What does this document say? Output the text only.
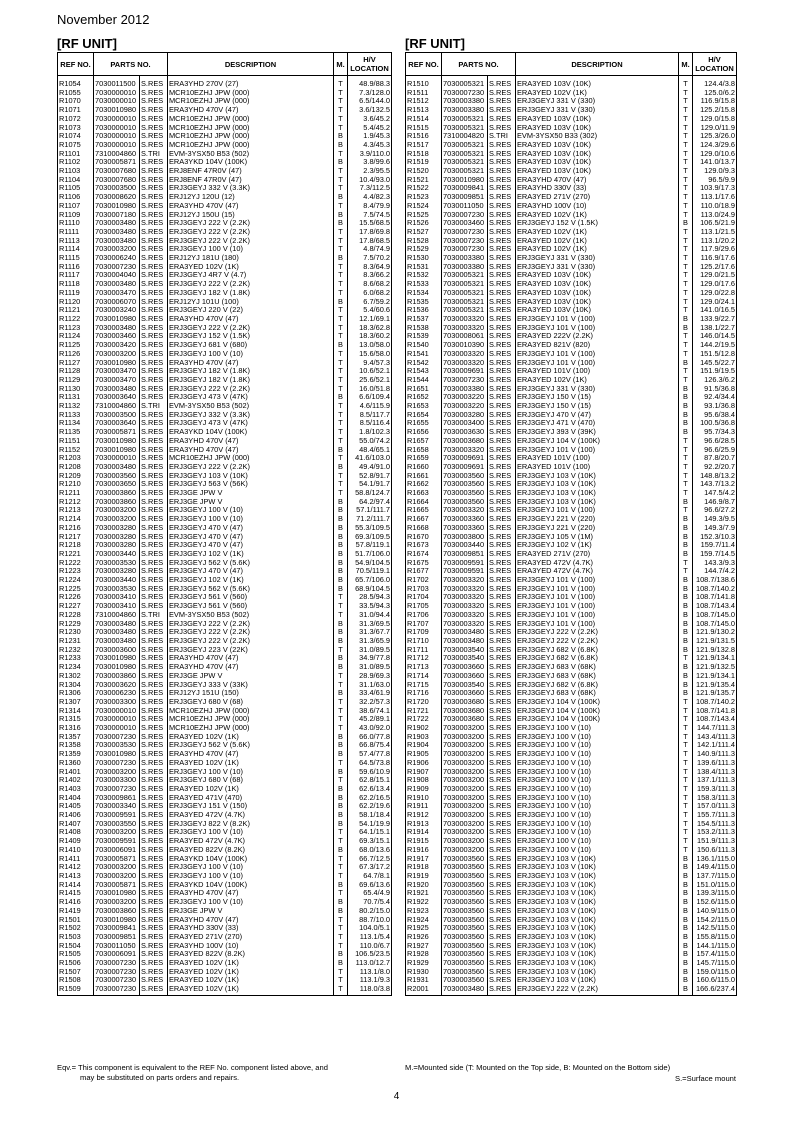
November 2012
[RF UNIT]	[RF UNIT]
REF NO.	PARTS NO.		DESCRIPTION	M.	H/V LOCATION
R1054	7030011500	S.RES	ERA3YHD 270V (27)	T	48.9/88.3
R1055	7030000010	S.RES	MCR10EZHJ JPW (000)	T	7.3/128.0
R1070	7030000010	S.RES	MCR10EZHJ JPW (000)	T	6.5/144.0
R1071	7030010980	S.RES	ERA3YHD 470V (47)	T	3.6/132.5
R1072	7030000010	S.RES	MCR10EZHJ JPW (000)	T	3.6/45.2
R1073	7030000010	S.RES	MCR10EZHJ JPW (000)	T	5.4/45.2
R1074	7030000010	S.RES	MCR10EZHJ JPW (000)	B	1.9/45.3
R1075	7030000010	S.RES	MCR10EZHJ JPW (000)	B	4.3/45.3
R1101	7310004860	S.TRI	EVM-3YSX50 B53 (502)	T	3.9/110.0
R1102	7030005871	S.RES	ERA3YKD 104V (100K)	B	3.8/99.6
R1103	7030007680	S.RES	ERJ8ENF 47R0V (47)	T	2.3/95.5
R1104	7030007680	S.RES	ERJ8ENF 47R0V (47)	T	10.4/93.0
R1105	7030003500	S.RES	ERJ3GEYJ 332 V (3.3K)	T	7.3/112.5
R1106	7030008620	S.RES	ERJ12YJ 120U (12)	B	4.4/82.3
R1107	7030010980	S.RES	ERA3YHD 470V (47)	T	8.4/79.9
R1109	7030007180	S.RES	ERJ12YJ 150U (15)	B	7.5/74.5
R1110	7030003480	S.RES	ERJ3GEYJ 222 V (2.2K)	B	15.5/68.5
R1111	7030003480	S.RES	ERJ3GEYJ 222 V (2.2K)	T	17.8/69.8
R1113	7030003480	S.RES	ERJ3GEYJ 222 V (2.2K)	T	17.8/68.5
R1114	7030003200	S.RES	ERJ3GEYJ 100 V (10)	T	4.8/74.9
R1115	7030006240	S.RES	ERJ12YJ 181U (180)	B	7.5/70.2
R1116	7030007230	S.RES	ERA3YED 102V (1K)	T	8.3/64.9
R1117	7030004040	S.RES	ERJ3GEYJ 4R7 V (4.7)	T	8.3/66.2
R1118	7030003480	S.RES	ERJ3GEYJ 222 V (2.2K)	T	8.6/68.2
R1119	7030003470	S.RES	ERJ3GEYJ 182 V (1.8K)	T	6.0/68.2
R1120	7030006070	S.RES	ERJ12YJ 101U (100)	B	6.7/59.2
R1121	7030003240	S.RES	ERJ3GEYJ 220 V (22)	T	5.4/60.6
R1122	7030010980	S.RES	ERA3YHD 470V (47)	T	12.1/69.1
R1123	7030003480	S.RES	ERJ3GEYJ 222 V (2.2K)	T	18.3/62.8
R1124	7030003460	S.RES	ERJ3GEYJ 152 V (1.5K)	T	18.3/60.2
R1125	7030003420	S.RES	ERJ3GEYJ 681 V (680)	B	13.0/58.0
R1126	7030003200	S.RES	ERJ3GEYJ 100 V (10)	T	15.6/58.0
R1127	7030010980	S.RES	ERA3YHD 470V (47)	T	9.4/57.3
R1128	7030003470	S.RES	ERJ3GEYJ 182 V (1.8K)	T	10.6/52.1
R1129	7030003470	S.RES	ERJ3GEYJ 182 V (1.8K)	T	25.6/52.1
R1130	7030003480	S.RES	ERJ3GEYJ 222 V (2.2K)	T	16.0/51.8
R1131	7030003640	S.RES	ERJ3GEYJ 473 V (47K)	B	6.6/109.4
R1132	7310004860	S.TRI	EVM-3YSX50 B53 (502)	T	4.6/115.9
R1133	7030003500	S.RES	ERJ3GEYJ 332 V (3.3K)	T	8.5/117.7
R1134	7030003640	S.RES	ERJ3GEYJ 473 V (47K)	T	8.5/116.4
R1135	7030005871	S.RES	ERA3YKD 104V (100K)	T	1.8/102.3
R1151	7030010980	S.RES	ERA3YHD 470V (47)	T	55.0/74.2
R1152	7030010980	S.RES	ERA3YHD 470V (47)	B	48.4/65.1
R1203	7030000010	S.RES	MCR10EZHJ JPW (000)	T	41.6/103.0
R1208	7030003480	S.RES	ERJ3GEYJ 222 V (2.2K)	B	49.4/91.0
R1209	7030003560	S.RES	ERJ3GEYJ 103 V (10K)	T	52.8/91.7
R1210	7030003650	S.RES	ERJ3GEYJ 563 V (56K)	T	54.1/91.7
R1211	7030003860	S.RES	ERJ3GE JPW V	T	58.8/124.7
R1212	7030003860	S.RES	ERJ3GE JPW V	B	64.2/97.4
R1213	7030003200	S.RES	ERJ3GEYJ 100 V (10)	B	57.1/111.7
R1214	7030003200	S.RES	ERJ3GEYJ 100 V (10)	B	71.2/111.7
R1216	7030003280	S.RES	ERJ3GEYJ 470 V (47)	B	55.3/109.5
R1217	7030003280	S.RES	ERJ3GEYJ 470 V (47)	B	69.3/109.5
R1218	7030003280	S.RES	ERJ3GEYJ 470 V (47)	B	57.8/119.1
R1221	7030003440	S.RES	ERJ3GEYJ 102 V (1K)	B	51.7/106.0
R1222	7030003530	S.RES	ERJ3GEYJ 562 V (5.6K)	B	54.9/104.5
R1223	7030003280	S.RES	ERJ3GEYJ 470 V (47)	B	70.5/119.1
R1224	7030003440	S.RES	ERJ3GEYJ 102 V (1K)	B	65.7/106.0
R1225	7030003530	S.RES	ERJ3GEYJ 562 V (5.6K)	B	68.9/104.5
R1226	7030003410	S.RES	ERJ3GEYJ 561 V (560)	T	28.5/94.3
R1227	7030003410	S.RES	ERJ3GEYJ 561 V (560)	T	33.5/94.3
R1228	7310004860	S.TRI	EVM-3YSX50 B53 (502)	T	31.0/94.4
R1229	7030003480	S.RES	ERJ3GEYJ 222 V (2.2K)	B	31.3/69.5
R1230	7030003480	S.RES	ERJ3GEYJ 222 V (2.2K)	B	31.3/67.7
R1231	7030003480	S.RES	ERJ3GEYJ 222 V (2.2K)	B	31.3/65.9
R1232	7030003600	S.RES	ERJ3GEYJ 223 V (22K)	T	31.0/89.5
R1233	7030010980	S.RES	ERA3YHD 470V (47)	B	34.9/77.8
R1234	7030010980	S.RES	ERA3YHD 470V (47)	B	31.0/89.5
R1302	7030003860	S.RES	ERJ3GE JPW V	T	28.9/69.3
R1304	7030003620	S.RES	ERJ3GEYJ 333 V (33K)	T	31.1/63.0
R1306	7030006230	S.RES	ERJ12YJ 151U (150)	B	33.4/61.9
R1307	7030003300	S.RES	ERJ3GEYJ 680 V (68)	T	32.2/57.3
R1314	7030000010	S.RES	MCR10EZHJ JPW (000)	T	38.6/74.1
R1315	7030000010	S.RES	MCR10EZHJ JPW (000)	T	45.2/89.1
R1316	7030000010	S.RES	MCR10EZHJ JPW (000)	T	43.0/92.0
R1357	7030007230	S.RES	ERA3YED 102V (1K)	B	66.0/77.8
R1358	7030003530	S.RES	ERJ3GEYJ 562 V (5.6K)	B	66.8/75.4
R1359	7030010980	S.RES	ERA3YHD 470V (47)	B	57.4/77.8
R1360	7030007230	S.RES	ERA3YED 102V (1K)	T	64.5/73.8
R1401	7030003200	S.RES	ERJ3GEYJ 100 V (10)	B	59.6/10.9
R1402	7030003300	S.RES	ERJ3GEYJ 680 V (68)	T	62.8/15.1
R1403	7030007230	S.RES	ERA3YED 102V (1K)	B	62.6/13.4
R1404	7030009861	S.RES	ERA3YED 471V (470)	B	62.2/16.5
R1405	7030003340	S.RES	ERJ3GEYJ 151 V (150)	B	62.2/19.6
R1406	7030009591	S.RES	ERA3YED 472V (4.7K)	B	58.1/18.4
R1407	7030003550	S.RES	ERJ3GEYJ 822 V (8.2K)	B	54.1/19.9
R1408	7030003200	S.RES	ERJ3GEYJ 100 V (10)	T	64.1/15.1
R1409	7030009591	S.RES	ERA3YED 472V (4.7K)	T	69.3/15.1
R1410	7030006091	S.RES	ERA3YED 822V (8.2K)	B	68.0/13.6
R1411	7030005871	S.RES	ERA3YKD 104V (100K)	T	66.7/12.5
R1412	7030003200	S.RES	ERJ3GEYJ 100 V (10)	T	67.3/17.2
R1413	7030003200	S.RES	ERJ3GEYJ 100 V (10)	T	64.7/8.1
R1414	7030005871	S.RES	ERA3YKD 104V (100K)	B	69.6/13.6
R1415	7030010980	S.RES	ERA3YHD 470V (47)	T	65.4/4.9
R1416	7030003200	S.RES	ERJ3GEYJ 100 V (10)	B	70.7/5.4
R1419	7030003860	S.RES	ERJ3GE JPW V	B	80.2/15.0
R1501	7030010980	S.RES	ERA3YHD 470V (47)	T	88.7/10.0
R1502	7030009841	S.RES	ERA3YHD 330V (33)	T	104.0/5.1
R1503	7030009851	S.RES	ERA3YED 271V (270)	T	113.1/5.4
R1504	7030011050	S.RES	ERA3YHD 100V (10)	T	110.0/6.7
R1505	7030006091	S.RES	ERA3YED 822V (8.2K)	B	106.5/23.5
R1506	7030007230	S.RES	ERA3YED 102V (1K)	B	113.0/12.7
R1507	7030007230	S.RES	ERA3YED 102V (1K)	T	113.1/8.0
R1508	7030007230	S.RES	ERA3YED 102V (1K)	T	113.1/9.3
R1509	7030007230	S.RES	ERA3YED 102V (1K)	T	118.0/3.8
REF NO.	PARTS NO.		DESCRIPTION	M.	H/V LOCATION
R1510	7030005321	S.RES	ERA3YED 103V (10K)	T	124.4/3.8
R1511	7030007230	S.RES	ERA3YED 102V (1K)	T	125.0/6.2
R1512	7030003380	S.RES	ERJ3GEYJ 331 V (330)	T	116.9/15.8
R1513	7030003380	S.RES	ERJ3GEYJ 331 V (330)	T	125.2/15.8
R1514	7030005321	S.RES	ERA3YED 103V (10K)	T	129.0/15.8
R1515	7030005321	S.RES	ERA3YED 103V (10K)	T	129.0/11.9
R1516	7310004820	S.TRI	EVM-3YSX50 B33 (302)	T	125.3/26.0
R1517	7030005321	S.RES	ERA3YED 103V (10K)	T	124.3/29.6
R1518	7030005321	S.RES	ERA3YED 103V (10K)	T	129.0/10.6
R1519	7030005321	S.RES	ERA3YED 103V (10K)	T	141.0/13.7
R1520	7030005321	S.RES	ERA3YED 103V (10K)	T	129.0/9.3
R1521	7030010980	S.RES	ERA3YHD 470V (47)	T	96.5/9.9
R1522	7030009841	S.RES	ERA3YHD 330V (33)	T	103.9/17.3
R1523	7030009851	S.RES	ERA3YED 271V (270)	T	113.1/17.6
R1524	7030011050	S.RES	ERA3YHD 100V (10)	T	110.0/18.9
R1525	7030007230	S.RES	ERA3YED 102V (1K)	T	113.0/24.9
R1526	7030003460	S.RES	ERJ3GEYJ 152 V (1.5K)	B	106.5/21.9
R1527	7030007230	S.RES	ERA3YED 102V (1K)	T	113.1/21.5
R1528	7030007230	S.RES	ERA3YED 102V (1K)	T	113.1/20.2
R1529	7030007230	S.RES	ERA3YED 102V (1K)	T	117.9/29.6
R1530	7030003380	S.RES	ERJ3GEYJ 331 V (330)	T	116.9/17.6
R1531	7030003380	S.RES	ERJ3GEYJ 331 V (330)	T	125.2/17.6
R1532	7030005321	S.RES	ERA3YED 103V (10K)	T	129.0/21.5
R1533	7030005321	S.RES	ERA3YED 103V (10K)	T	129.0/17.6
R1534	7030005321	S.RES	ERA3YED 103V (10K)	T	129.0/22.8
R1535	7030005321	S.RES	ERA3YED 103V (10K)	T	129.0/24.1
R1536	7030005321	S.RES	ERA3YED 103V (10K)	T	141.0/16.5
R1537	7030003320	S.RES	ERJ3GEYJ 101 V (100)	B	133.9/22.7
R1538	7030003320	S.RES	ERJ3GEYJ 101 V (100)	B	138.1/22.7
R1539	7030008061	S.RES	ERA3YED 222V (2.2K)	T	146.0/14.5
R1540	7030010390	S.RES	ERA3YED 821V (820)	T	144.2/19.5
R1541	7030003320	S.RES	ERJ3GEYJ 101 V (100)	T	151.5/12.8
R1542	7030003320	S.RES	ERJ3GEYJ 101 V (100)	B	145.5/22.7
R1543	7030009691	S.RES	ERA3YED 101V (100)	T	151.9/19.5
R1544	7030007230	S.RES	ERA3YED 102V (1K)	T	126.3/6.2
R1651	7030003380	S.RES	ERJ3GEYJ 331 V (330)	B	91.5/36.8
R1652	7030003220	S.RES	ERJ3GEYJ 150 V (15)	B	92.4/34.4
R1653	7030003220	S.RES	ERJ3GEYJ 150 V (15)	B	93.1/36.8
R1654	7030003280	S.RES	ERJ3GEYJ 470 V (47)	B	95.6/38.4
R1655	7030003400	S.RES	ERJ3GEYJ 471 V (470)	B	100.5/36.8
R1656	7030003630	S.RES	ERJ3GEYJ 393 V (39K)	B	95.7/34.3
R1657	7030003680	S.RES	ERJ3GEYJ 104 V (100K)	T	96.6/28.5
R1658	7030003320	S.RES	ERJ3GEYJ 101 V (100)	T	96.6/25.9
R1659	7030009691	S.RES	ERA3YED 101V (100)	T	87.8/20.7
R1660	7030009691	S.RES	ERA3YED 101V (100)	T	92.2/20.7
R1661	7030003560	S.RES	ERJ3GEYJ 103 V (10K)	T	148.8/13.2
R1662	7030003560	S.RES	ERJ3GEYJ 103 V (10K)	T	143.7/13.2
R1663	7030003560	S.RES	ERJ3GEYJ 103 V (10K)	T	147.5/4.2
R1664	7030003560	S.RES	ERJ3GEYJ 103 V (10K)	B	146.9/8.7
R1665	7030003320	S.RES	ERJ3GEYJ 101 V (100)	T	96.6/27.2
R1667	7030003360	S.RES	ERJ3GEYJ 221 V (220)	B	149.3/9.5
R1668	7030003360	S.RES	ERJ3GEYJ 221 V (220)	B	149.3/7.9
R1670	7030003800	S.RES	ERJ3GEYJ 105 V (1M)	B	152.3/10.3
R1673	7030003440	S.RES	ERJ3GEYJ 102 V (1K)	B	159.7/11.4
R1674	7030009851	S.RES	ERA3YED 271V (270)	B	159.7/14.5
R1675	7030009591	S.RES	ERA3YED 472V (4.7K)	T	143.3/9.3
R1677	7030009591	S.RES	ERA3YED 472V (4.7K)	T	144.7/4.2
R1702	7030003320	S.RES	ERJ3GEYJ 101 V (100)	B	108.7/138.6
R1703	7030003320	S.RES	ERJ3GEYJ 101 V (100)	B	108.7/140.2
R1704	7030003320	S.RES	ERJ3GEYJ 101 V (100)	B	108.7/141.8
R1705	7030003320	S.RES	ERJ3GEYJ 101 V (100)	B	108.7/143.4
R1706	7030003320	S.RES	ERJ3GEYJ 101 V (100)	B	108.7/145.0
R1707	7030003320	S.RES	ERJ3GEYJ 101 V (100)	B	108.7/145.0
R1709	7030003480	S.RES	ERJ3GEYJ 222 V (2.2K)	B	121.9/130.2
R1710	7030003480	S.RES	ERJ3GEYJ 222 V (2.2K)	B	121.9/131.5
R1711	7030003540	S.RES	ERJ3GEYJ 682 V (6.8K)	B	121.9/132.8
R1712	7030003540	S.RES	ERJ3GEYJ 682 V (6.8K)	T	121.9/134.1
R1713	7030003660	S.RES	ERJ3GEYJ 683 V (68K)	B	121.9/132.5
R1714	7030003660	S.RES	ERJ3GEYJ 683 V (68K)	B	121.9/134.1
R1715	7030003540	S.RES	ERJ3GEYJ 682 V (6.8K)	B	121.9/135.4
R1716	7030003660	S.RES	ERJ3GEYJ 683 V (68K)	B	121.9/135.7
R1720	7030003680	S.RES	ERJ3GEYJ 104 V (100K)	T	108.7/140.2
R1721	7030003680	S.RES	ERJ3GEYJ 104 V (100K)	T	108.7/141.8
R1722	7030003680	S.RES	ERJ3GEYJ 104 V (100K)	T	108.7/143.4
R1902	7030003200	S.RES	ERJ3GEYJ 100 V (10)	T	144.7/111.3
R1903	7030003200	S.RES	ERJ3GEYJ 100 V (10)	T	143.4/111.3
R1904	7030003200	S.RES	ERJ3GEYJ 100 V (10)	T	142.1/111.4
R1905	7030003200	S.RES	ERJ3GEYJ 100 V (10)	T	140.9/111.3
R1906	7030003200	S.RES	ERJ3GEYJ 100 V (10)	T	139.6/111.3
R1907	7030003200	S.RES	ERJ3GEYJ 100 V (10)	T	138.4/111.3
R1908	7030003200	S.RES	ERJ3GEYJ 100 V (10)	T	137.1/111.3
R1909	7030003200	S.RES	ERJ3GEYJ 100 V (10)	T	159.3/111.3
R1910	7030003200	S.RES	ERJ3GEYJ 100 V (10)	T	158.3/111.3
R1911	7030003200	S.RES	ERJ3GEYJ 100 V (10)	T	157.0/111.3
R1912	7030003200	S.RES	ERJ3GEYJ 100 V (10)	T	155.7/111.3
R1913	7030003200	S.RES	ERJ3GEYJ 100 V (10)	T	154.5/111.3
R1914	7030003200	S.RES	ERJ3GEYJ 100 V (10)	T	153.2/111.3
R1915	7030003200	S.RES	ERJ3GEYJ 100 V (10)	T	151.9/111.3
R1916	7030003200	S.RES	ERJ3GEYJ 100 V (10)	T	150.6/111.3
R1917	7030003560	S.RES	ERJ3GEYJ 103 V (10K)	B	136.1/115.0
R1918	7030003560	S.RES	ERJ3GEYJ 103 V (10K)	B	149.4/115.0
R1919	7030003560	S.RES	ERJ3GEYJ 103 V (10K)	B	137.7/115.0
R1920	7030003560	S.RES	ERJ3GEYJ 103 V (10K)	B	151.0/115.0
R1921	7030003560	S.RES	ERJ3GEYJ 103 V (10K)	B	139.3/115.0
R1922	7030003560	S.RES	ERJ3GEYJ 103 V (10K)	B	152.6/115.0
R1923	7030003560	S.RES	ERJ3GEYJ 103 V (10K)	B	140.9/115.0
R1924	7030003560	S.RES	ERJ3GEYJ 103 V (10K)	B	154.2/115.0
R1925	7030003560	S.RES	ERJ3GEYJ 103 V (10K)	B	142.5/115.0
R1926	7030003560	S.RES	ERJ3GEYJ 103 V (10K)	B	155.8/115.0
R1927	7030003560	S.RES	ERJ3GEYJ 103 V (10K)	B	144.1/115.0
R1928	7030003560	S.RES	ERJ3GEYJ 103 V (10K)	B	157.4/115.0
R1929	7030003560	S.RES	ERJ3GEYJ 103 V (10K)	B	145.7/115.0
R1930	7030003560	S.RES	ERJ3GEYJ 103 V (10K)	B	159.0/115.0
R1931	7030003560	S.RES	ERJ3GEYJ 103 V (10K)	B	160.6/115.0
R2001	7030003480	S.RES	ERJ3GEYJ 222 V (2.2K)	B	166.6/237.4
Eqv.= This component is equivalent to the REF No. component listed above, and
may be substituted on parts orders and repairs.
M.=Mounted side (T: Mounted on the Top side, B: Mounted on the Bottom side)
S.=Surface mount
4
